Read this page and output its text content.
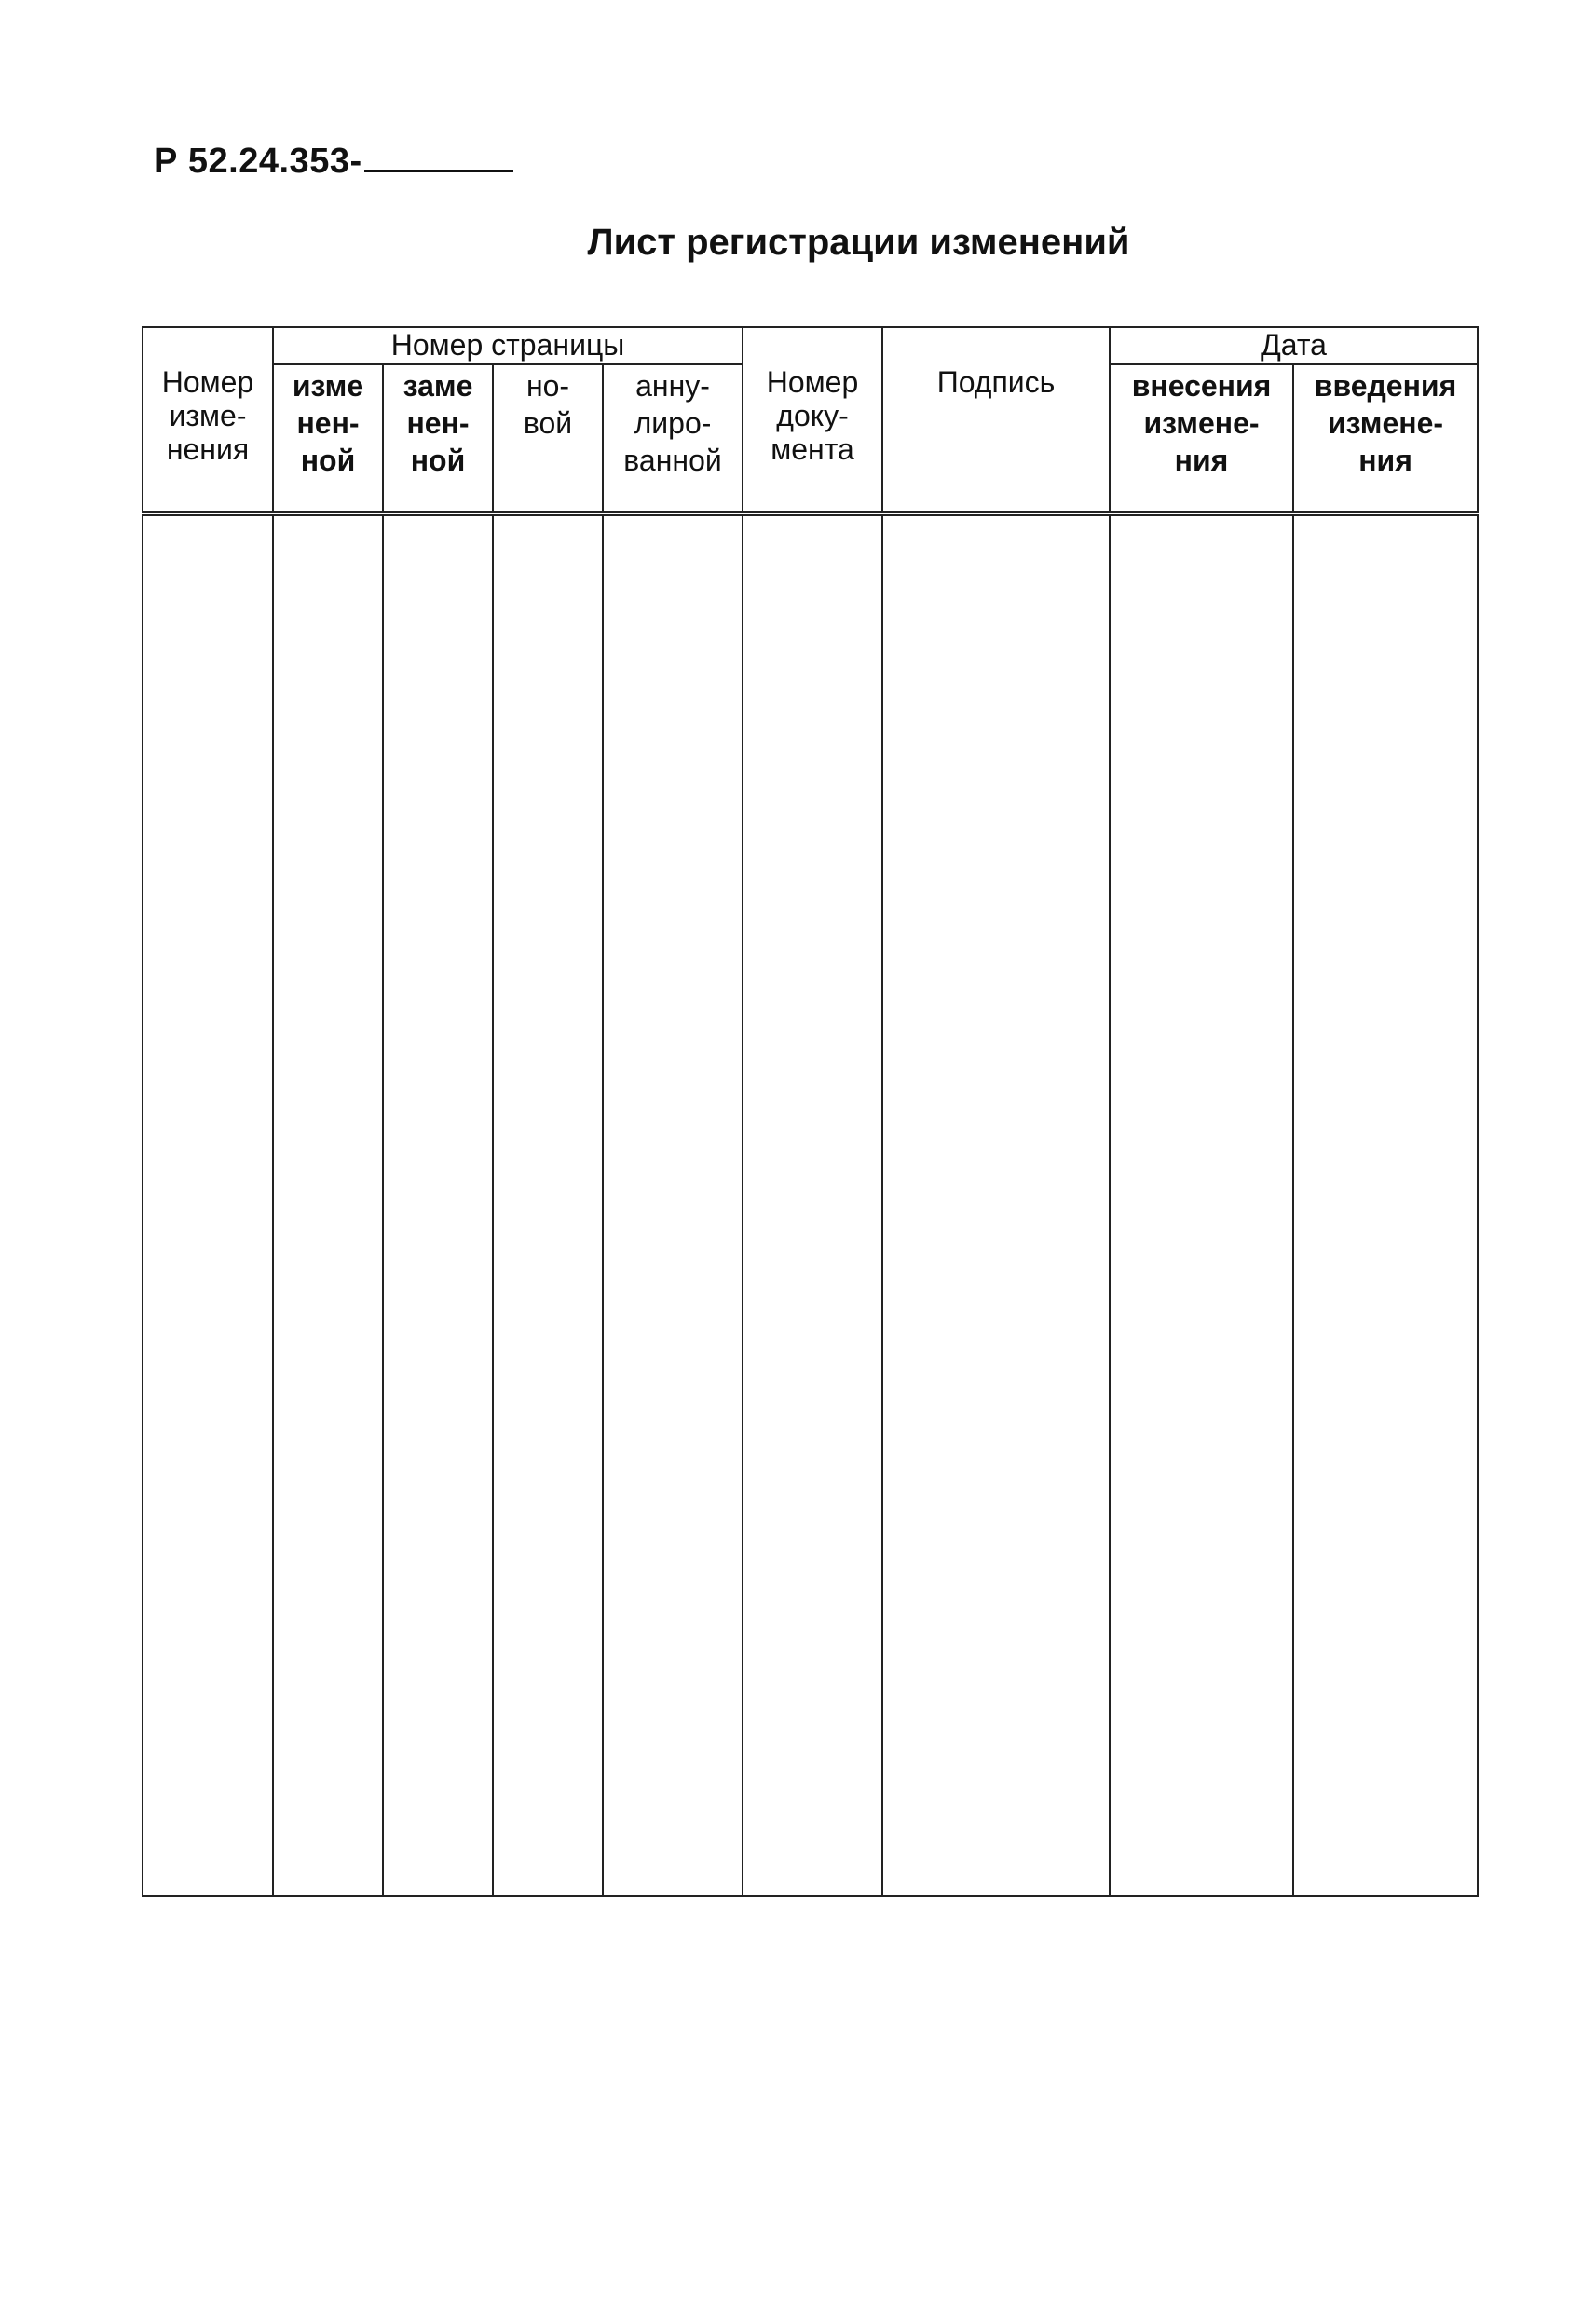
Р 52.24.353-
Лист регистрации изменений
Номер
изме-
нения	Номер страницы				Номер
доку-
мента	Подпись	Дата	

	изме
нен-
ной	заме
нен-
ной	но-
вой	анну-
лиро-
ванной			внесения
измене-
ния	введения
измене-
ния
